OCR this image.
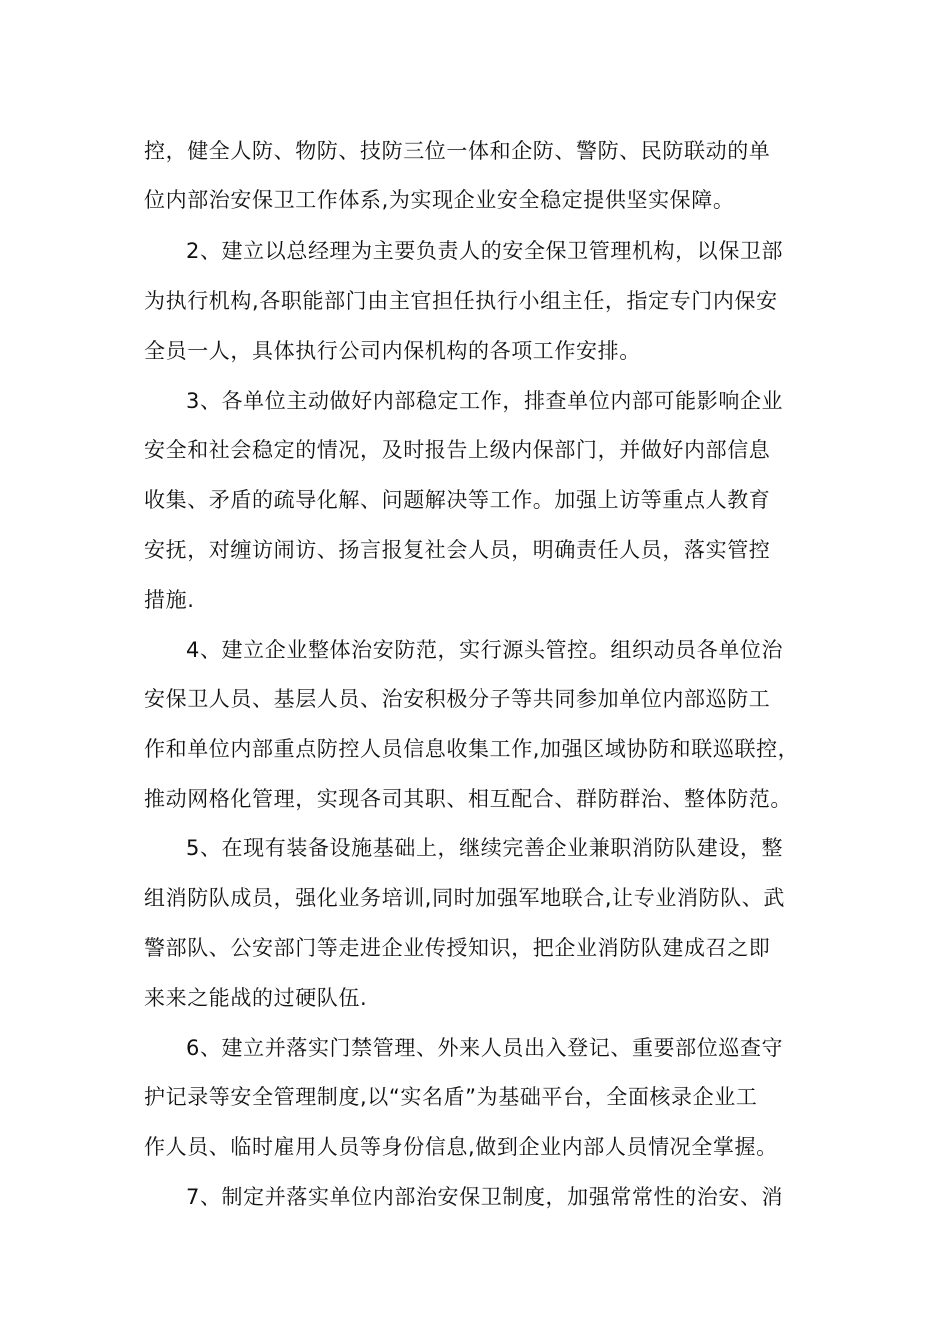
控，健全人防、物防、技防三位一体和企防、警防、民防联动的单
位内部治安保卫工作体系,为实现企业安全稳定提供坚实保障。
2、建立以总经理为主要负责人的安全保卫管理机构，以保卫部
为执行机构,各职能部门由主官担任执行小组主任，指定专门内保安
全员一人，具体执行公司内保机构的各项工作安排。
3、各单位主动做好内部稳定工作，排查单位内部可能影响企业
安全和社会稳定的情况，及时报告上级内保部门，并做好内部信息
收集、矛盾的疏导化解、问题解决等工作。加强上访等重点人教育
安抚，对缠访闹访、扬言报复社会人员，明确责任人员，落实管控
措施.
4、建立企业整体治安防范，实行源头管控。组织动员各单位治
安保卫人员、基层人员、治安积极分子等共同参加单位内部巡防工
作和单位内部重点防控人员信息收集工作,加强区域协防和联巡联控，
推动网格化管理，实现各司其职、相互配合、群防群治、整体防范。
5、在现有装备设施基础上，继续完善企业兼职消防队建设，整
组消防队成员，强化业务培训,同时加强军地联合,让专业消防队、武
警部队、公安部门等走进企业传授知识，把企业消防队建成召之即
来来之能战的过硬队伍.
6、建立并落实门禁管理、外来人员出入登记、重要部位巡查守
护记录等安全管理制度,以“实名盾”为基础平台，全面核录企业工
作人员、临时雇用人员等身份信息,做到企业内部人员情况全掌握。
7、制定并落实单位内部治安保卫制度，加强常常性的治安、消
